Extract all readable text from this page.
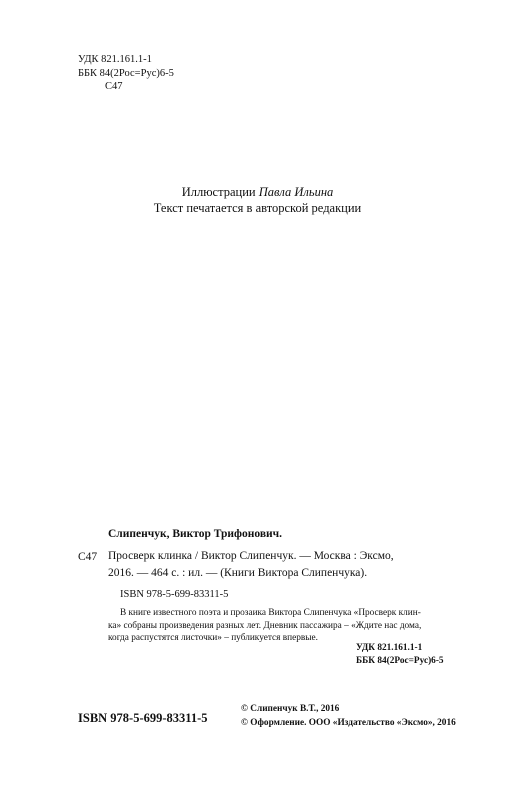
УДК 821.161.1-1
ББК 84(2Рос=Рус)6-5
С47
Иллюстрации Павла Ильина
Текст печатается в авторской редакции
Слипенчук, Виктор Трифонович.
С47 Просверк клинка / Виктор Слипенчук. — Москва : Эксмо,
2016. — 464 с. : ил. — (Книги Виктора Слипенчука).
ISBN 978-5-699-83311-5
В книге известного поэта и прозаика Виктора Слипенчука «Просверк клин-
ка» собраны произведения разных лет. Дневник пассажира – «Ждите нас дома,
когда распустятся листочки» – публикуется впервые.
УДК 821.161.1-1
ББК 84(2Рос=Рус)6-5
ISBN 978-5-699-83311-5
© Слипенчук В.Т., 2016
© Оформление. ООО «Издательство «Эксмо», 2016
